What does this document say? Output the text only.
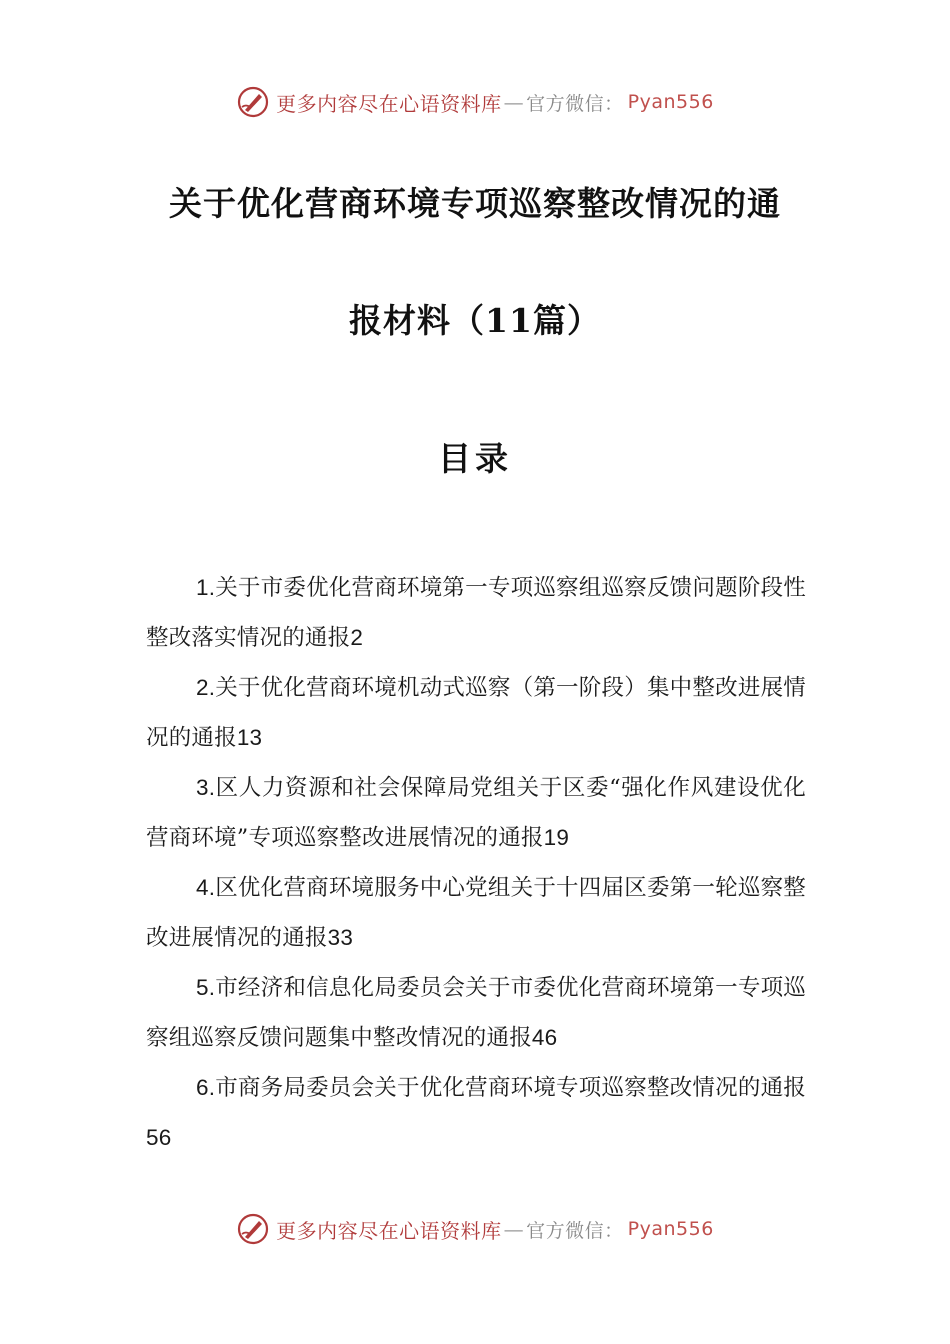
更多内容尽在心语资料库 — 官方微信： Pyan556
关于优化营商环境专项巡察整改情况的通
报材料（11篇）
目录

1.关于市委优化营商环境第一专项巡察组巡察反馈问题阶段性整改落实情况的通报2

2.关于优化营商环境机动式巡察（第一阶段）集中整改进展情况的通报13

3.区人力资源和社会保障局党组关于区委“强化作风建设优化营商环境”专项巡察整改进展情况的通报19

4.区优化营商环境服务中心党组关于十四届区委第一轮巡察整改进展情况的通报33

5.市经济和信息化局委员会关于市委优化营商环境第一专项巡察组巡察反馈问题集中整改情况的通报46

6.市商务局委员会关于优化营商环境专项巡察整改情况的通报56

更多内容尽在心语资料库 — 官方微信： Pyan556
